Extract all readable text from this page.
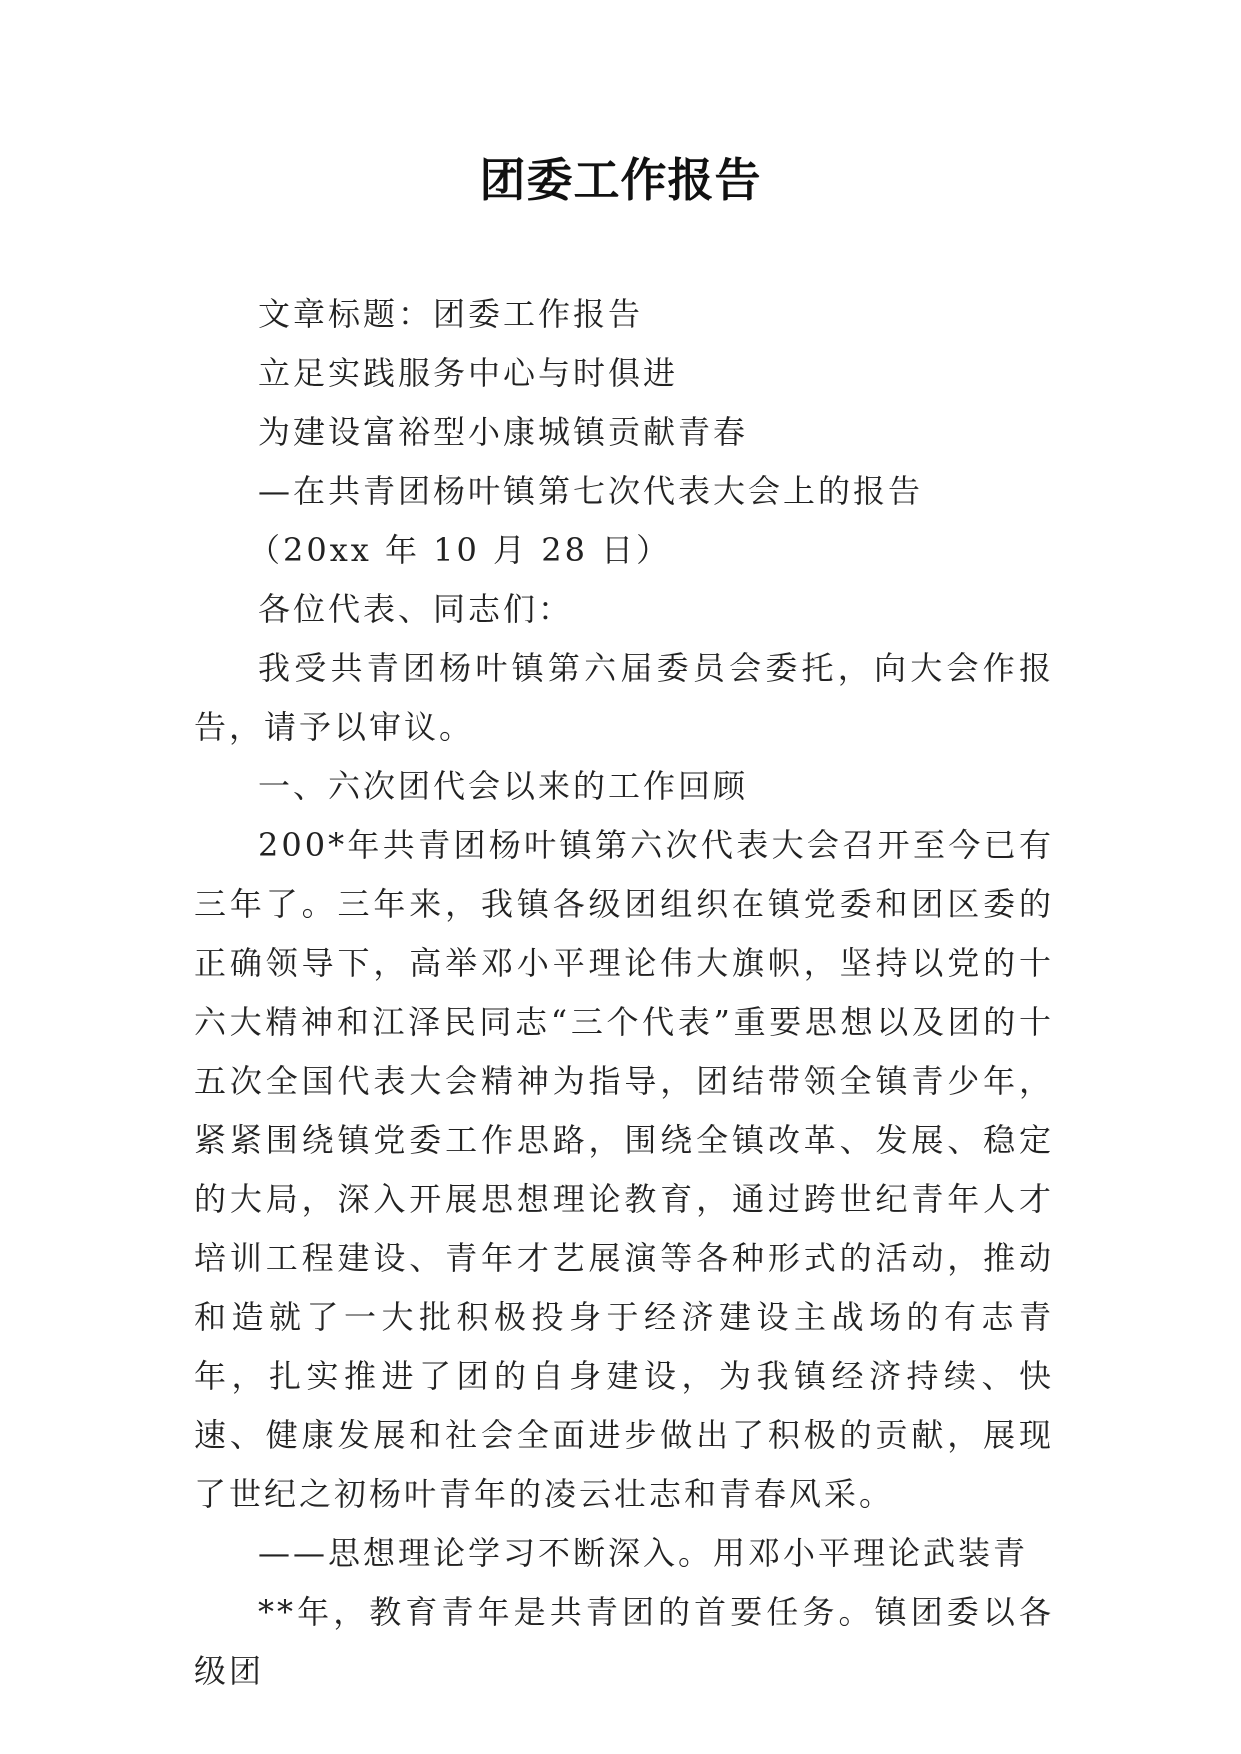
团委工作报告

文章标题：团委工作报告

立足实践服务中心与时俱进

为建设富裕型小康城镇贡献青春

—在共青团杨叶镇第七次代表大会上的报告

（20xx 年 10 月 28 日）

各位代表、同志们：

我受共青团杨叶镇第六届委员会委托，向大会作报告，请予以审议。

一、六次团代会以来的工作回顾

200*年共青团杨叶镇第六次代表大会召开至今已有三年了。三年来，我镇各级团组织在镇党委和团区委的正确领导下，高举邓小平理论伟大旗帜，坚持以党的十六大精神和江泽民同志“三个代表”重要思想以及团的十五次全国代表大会精神为指导，团结带领全镇青少年，紧紧围绕镇党委工作思路，围绕全镇改革、发展、稳定的大局，深入开展思想理论教育，通过跨世纪青年人才培训工程建设、青年才艺展演等各种形式的活动，推动和造就了一大批积极投身于经济建设主战场的有志青年，扎实推进了团的自身建设，为我镇经济持续、快速、健康发展和社会全面进步做出了积极的贡献，展现了世纪之初杨叶青年的凌云壮志和青春风采。

——思想理论学习不断深入。用邓小平理论武装青

**年，教育青年是共青团的首要任务。镇团委以各级团
